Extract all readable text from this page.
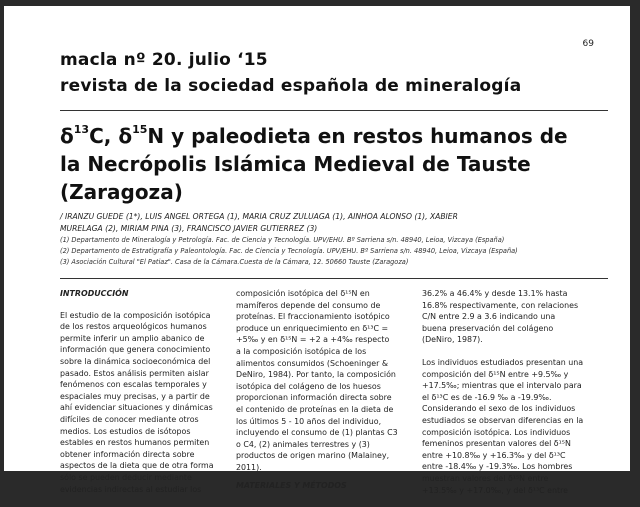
69
macla nº 20. julio ‘15
revista de la sociedad española de mineralogía
$\delta^{13}C$, $\delta^{15}N$ y paleodieta en restos humanos de
la Necrópolis Islámica Medieval de Tauste
(Zaragoza)
/ IRANZU GUEDE (1*), LUIS ANGEL ORTEGA (1), MARIA CRUZ ZULUAGA (1), AINHOA ALONSO (1), XABIER
MURELAGA (2), MIRIAM PINA (3), FRANCISCO JAVIER GUTIERREZ (3)
(1) Departamento de Mineralogía y Petrología. Fac. de Ciencia y Tecnología. UPV/EHU. Bº Sarriena s/n. 48940, Leioa, Vizcaya (España)
(2) Departamento de Estratigrafía y Paleontología. Fac. de Ciencia y Tecnología. UPV/EHU. Bº Sarriena s/n. 48940, Leioa, Vizcaya (España)
(3) Asociación Cultural "El Patiaz". Casa de la Cámara.Cuesta de la Cámara, 12. 50660 Tauste (Zaragoza)
INTRODUCCIÓN
El estudio de la composición isotópica
de los restos arqueológicos humanos
permite inferir un amplio abanico de
información que genera conocimiento
sobre la dinámica socioeconómica del
pasado. Estos análisis permiten aislar
fenómenos con escalas temporales y
espaciales muy precisas, y a partir de
ahí evidenciar situaciones y dinámicas
difíciles de conocer mediante otros
medios. Los estudios de isótopos
estables en restos humanos permiten
obtener información directa sobre
aspectos de la dieta que de otra forma
sólo se pueden deducir mediante
evidencias indirectas al estudiar los
composición isotópica del δ¹⁵N en
mamíferos depende del consumo de
proteínas. El fraccionamiento isotópico
produce un enriquecimiento en δ¹³C =
+5‰ y en δ¹⁵N = +2 a +4‰ respecto
a la composición isotópica de los
alimentos consumidos (Schoeninger &
DeNiro, 1984). Por tanto, la composición
isotópica del colágeno de los huesos
proporcionan información directa sobre
el contenido de proteínas en la dieta de
los últimos 5 - 10 años del individuo,
incluyendo el consumo de (1) plantas C3
o C4, (2) animales terrestres y (3)
productos de origen marino (Malainey,
2011).
MATERIALES Y MÉTODOS

36.2% a 46.4% y desde 13.1% hasta
16.8% respectivamente, con relaciones
C/N entre 2.9 a 3.6 indicando una
buena preservación del colágeno
(DeNiro, 1987).

Los individuos estudiados presentan una
composición del δ¹⁵N entre +9.5‰ y
+17.5‰; mientras que el intervalo para
el δ¹³C es de -16.9 ‰ a -19.9‰.
Considerando el sexo de los individuos
estudiados se observan diferencias en la
composición isotópica. Los individuos
femeninos presentan valores del δ¹⁵N
entre +10.8‰ y +16.3‰ y del δ¹³C
entre -18.4‰ y -19.3‰. Los hombres
muestran valores del δ¹⁵N entre
+13.5‰ y +17.0‰, y del δ¹³C entre
